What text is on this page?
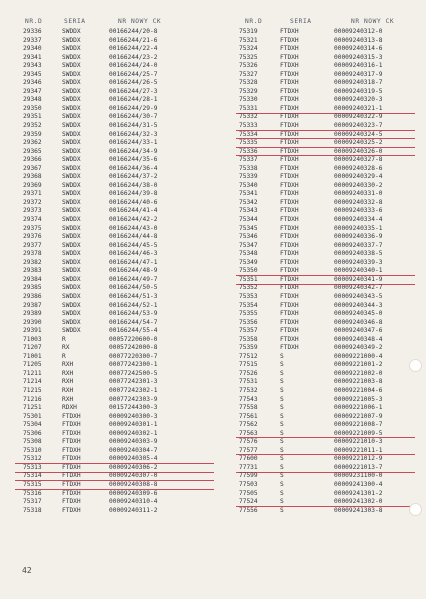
NR.D	SERIA	NR NOWY CK
29336	SWDDX	00166244/20-8
29337	SWDDX	00166244/21-6
29340	SWDDX	00166244/22-4
29341	SWDDX	00166244/23-2
29343	SWDDX	00166244/24-0
29345	SWDDX	00166244/25-7
29346	SWDDX	00166244/26-5
29347	SWDDX	00166244/27-3
29348	SWDDX	00166244/28-1
29350	SWDDX	00166244/29-9
29351	SWDDX	00166244/30-7
29352	SWDDX	00166244/31-5
29359	SWDDX	00166244/32-3
29362	SWDDX	00166244/33-1
29365	SWDDX	00166244/34-9
29366	SWDDX	00166244/35-6
29367	SWDDX	00166244/36-4
29368	SWDDX	00166244/37-2
29369	SWDDX	00166244/38-0
29371	SWDDX	00166244/39-8
29372	SWDDX	00166244/40-6
29373	SWDDX	00166244/41-4
29374	SWDDX	00166244/42-2
29375	SWDDX	00166244/43-0
29376	SWDDX	00166244/44-8
29377	SWDDX	00166244/45-5
29378	SWDDX	00166244/46-3
29382	SWDDX	00166244/47-1
29383	SWDDX	00166244/48-9
29384	SWDDX	00166244/49-7
29385	SWDDX	00166244/50-5
29386	SWDDX	00166244/51-3
29387	SWDDX	00166244/52-1
29389	SWDDX	00166244/53-9
29390	SWDDX	00166244/54-7
29391	SWDDX	00166244/55-4
71003	R	00057220600-0
71207	RX	00057242000-8
71001	R	00077220300-7
71205	RXH	00077242300-1
71211	RXH	00077242500-5
71214	RXH	00077242301-3
71215	RXH	00077242302-1
71216	RXH	00077242303-9
71251	RDXH	00157244300-3
75301	FTDXH	00009240300-3
75304	FTDXH	00009240301-1
75306	FTDXH	00009240302-1
75308	FTDXH	00009240303-9
75310	FTDXH	00009240304-7
75312	FTDXH	00009240305-4
75313	FTDXH	00009240306-2
75314	FTDXH	00009240307-0
75315	FTDXH	00009240308-8
75316	FTDXH	00009240309-6
75317	FTDXH	00009240310-4
75318	FTDXH	00009240311-2
NR.D	SERIA	NR NOWY CK
75319	FTDXH	00009240312-0
75321	FTDXH	00009240313-8
75324	FTDXH	00009240314-6
75325	FTDXH	00009240315-3
75326	FTDXH	00009240316-1
75327	FTDXH	00009240317-9
75328	FTDXH	00009240318-7
75329	FTDXH	00009240319-5
75330	FTDXH	00009240320-3
75331	FTDXH	00009240321-1
75332	FTDXH	00009240322-9
75333	FTDXH	00009240323-7
75334	FTDXH	00009240324-5
75335	FTDXH	00009240325-2
75336	FTDXH	00009240326-0
75337	FTDXH	00009240327-8
75338	FTDXH	00009240328-6
75339	FTDXH	00009240329-4
75340	FTDXH	00009240330-2
75341	FTDXH	00009240331-0
75342	FTDXH	00009240332-8
75343	FTDXH	00009240333-6
75344	FTDXH	00009240334-4
75345	FTDXH	00009240335-1
75346	FTDXH	00009240336-9
75347	FTDXH	00009240337-7
75348	FTDXH	00009240338-5
75349	FTDXH	00009240339-3
75350	FTDXH	00009240340-1
75351	FTDXH	00009240341-9
75352	FTDXH	00009240342-7
75353	FTDXH	00009240343-5
75354	FTDXH	00009240344-3
75355	FTDXH	00009240345-0
75356	FTDXH	00009240346-8
75357	FTDXH	00009240347-6
75358	FTDXH	00009240348-4
75359	FTDXH	00009240349-2
77512	S	00009221000-4
77515	S	00009221001-2
77526	S	00009221002-0
77531	S	00009221003-8
77532	S	00009221004-6
77543	S	00009221005-3
77558	S	00009221006-1
77561	S	00009221007-9
77562	S	00009221008-7
77563	S	00009221009-5
77576	S	00009221010-3
77577	S	00009221011-1
77600	S	00009221012-9
77731	S	00009221013-7
77599	S	00009231100-0
77503	S	00009241300-4
77505	S	00009241301-2
77524	S	00009241302-0
77556	S	00009241303-8
42
